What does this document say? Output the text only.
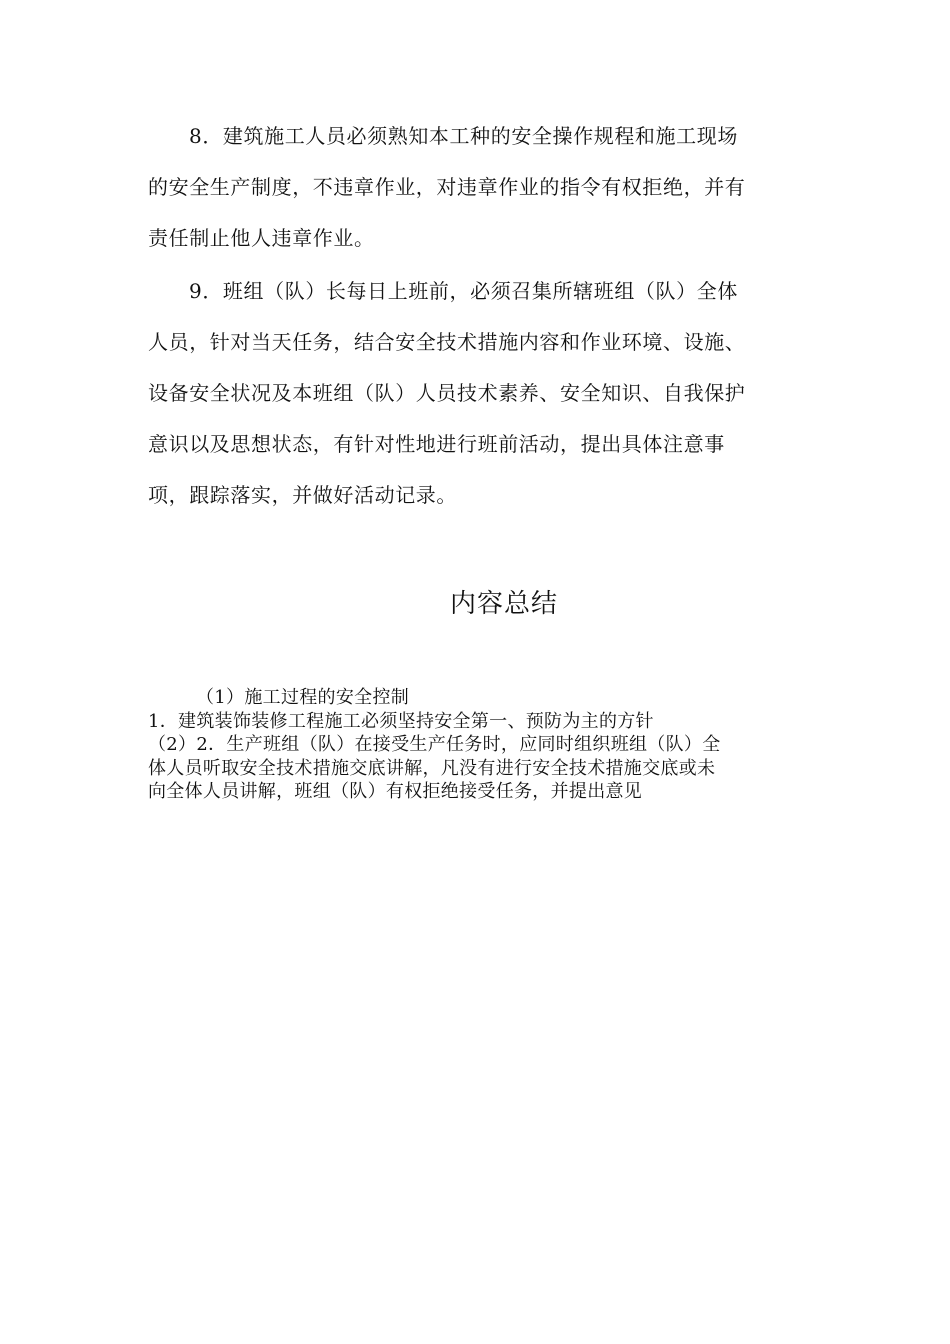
8．建筑施工人员必须熟知本工种的安全操作规程和施工现场
的安全生产制度，不违章作业，对违章作业的指令有权拒绝，并有
责任制止他人违章作业。
9．班组（队）长每日上班前，必须召集所辖班组（队）全体
人员，针对当天任务，结合安全技术措施内容和作业环境、设施、
设备安全状况及本班组（队）人员技术素养、安全知识、自我保护
意识以及思想状态，有针对性地进行班前活动，提出具体注意事
项，跟踪落实，并做好活动记录。
内容总结
（1）施工过程的安全控制
1．建筑装饰装修工程施工必须坚持安全第一、预防为主的方针
（2）2．生产班组（队）在接受生产任务时，应同时组织班组（队）全
体人员听取安全技术措施交底讲解，凡没有进行安全技术措施交底或未
向全体人员讲解，班组（队）有权拒绝接受任务，并提出意见
